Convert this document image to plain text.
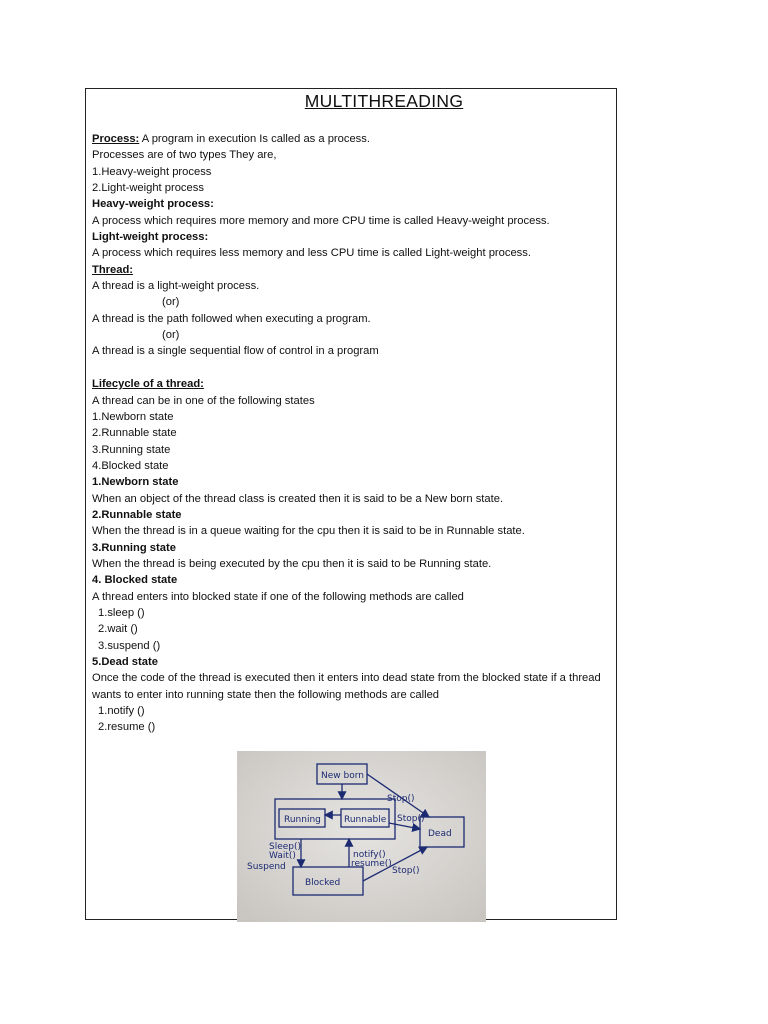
MULTITHREADING
Process: A program in execution Is called as a process.
Processes are of two types They are,
1.Heavy-weight process
2.Light-weight process
Heavy-weight process:
A process which requires more memory and more CPU time is called Heavy-weight process.
Light-weight process:
A process which requires less memory and less CPU time is called Light-weight process.
Thread:
A thread is a light-weight process.
(or)
A thread is the path followed when executing a program.
(or)
A thread is a single sequential flow of control in a program
Lifecycle of a thread:
A thread can be in one of the following states
1.Newborn state
2.Runnable state
3.Running state
4.Blocked state
1.Newborn state
When an object of the thread class is created then it is said to be a New born state.
2.Runnable state
When the thread is in a queue waiting for the cpu then it is said to be in Runnable state.
3.Running state
When the thread is being executed by the cpu then it is said to be Running state.
4. Blocked state
A thread enters into blocked state if one of the following methods are called
1.sleep ()
2.wait ()
3.suspend ()
5.Dead state
Once the code of the thread is executed then it enters into dead state from the blocked state if a thread wants to enter into running state then the following methods are called
1.notify ()
2.resume ()
New born
Running	Runnable
Dead
Blocked
Stop()
Stop()
Stop()
Sleep()
Wait()
Suspend
notify()
resume()
